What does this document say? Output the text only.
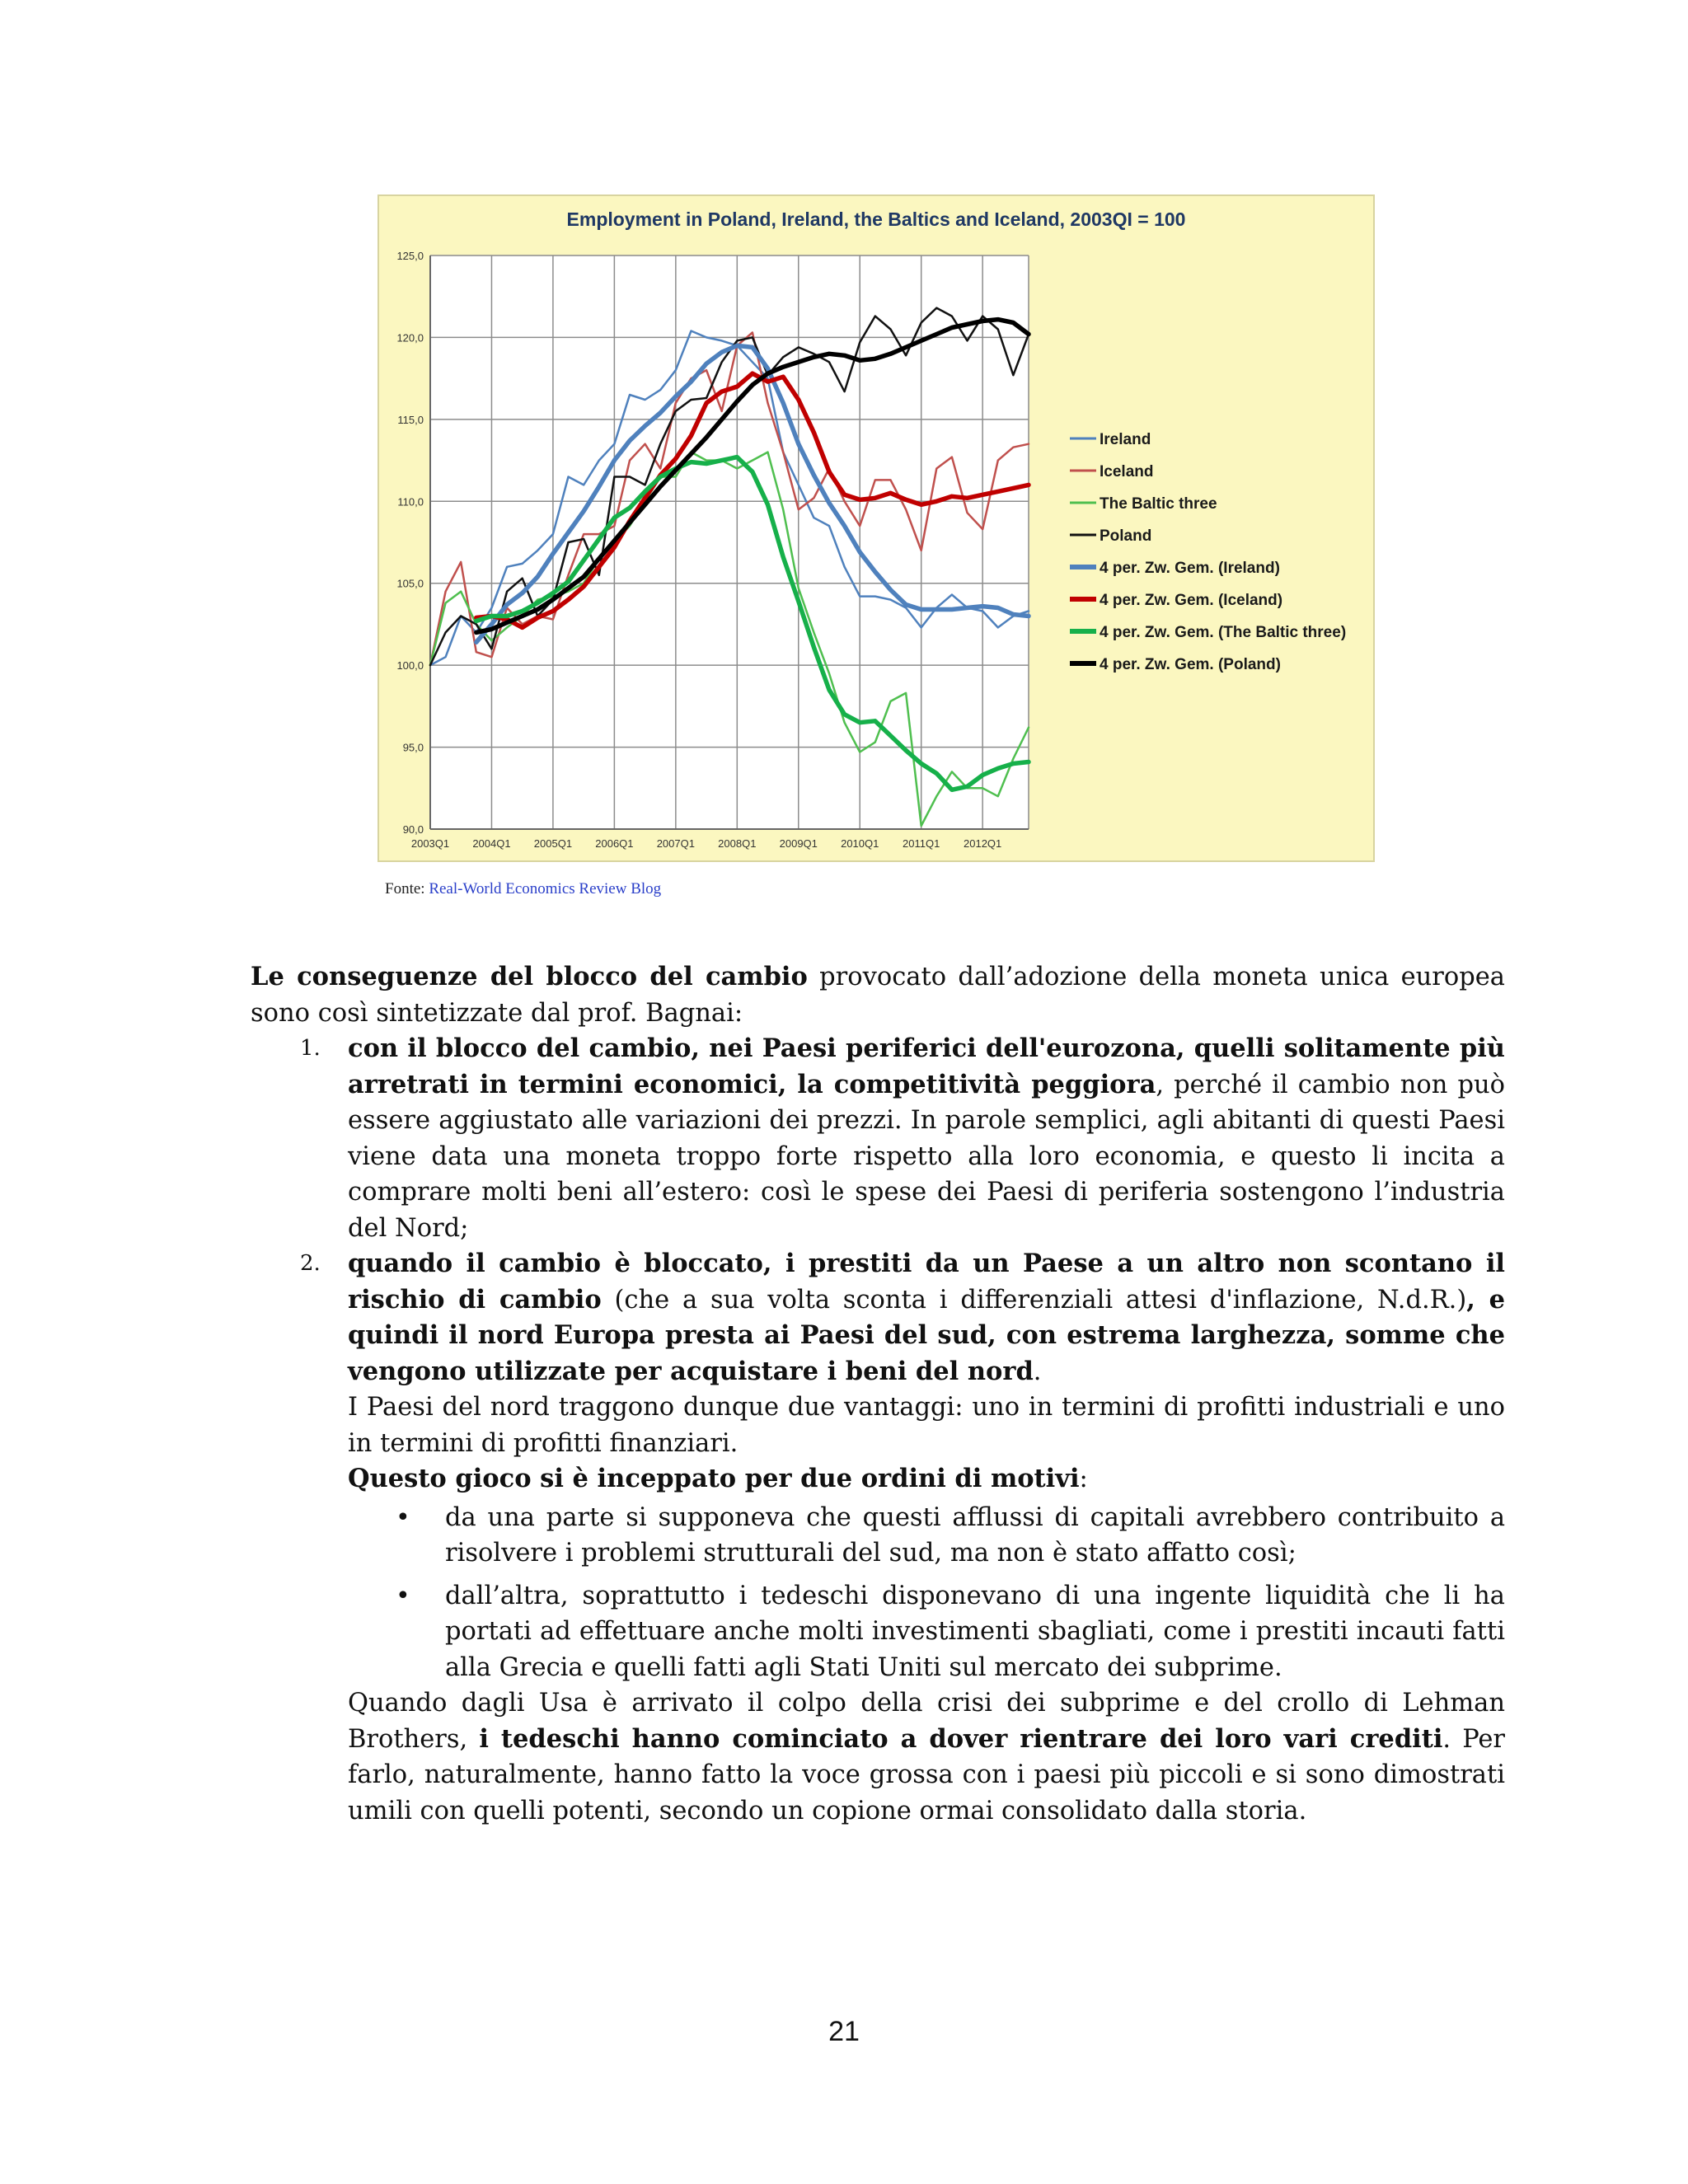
Employment in Poland, Ireland, the Baltics and Iceland, 2003QI = 100
125,0
120,0
115,0
110,0
105,0
100,0
95,0
90,0
2003Q1 2004Q1 2005Q1 2006Q1 2007Q1 2008Q1 2009Q1 2010Q1 2011Q1 2012Q1
Ireland
Iceland
The Baltic three
Poland
4 per. Zw. Gem. (Ireland)
4 per. Zw. Gem. (Iceland)
4 per. Zw. Gem. (The Baltic three)
4 per. Zw. Gem. (Poland)
Fonte: Real-World Economics Review Blog

Le conseguenze del blocco del cambio provocato dall’adozione della moneta unica europea sono così sintetizzate dal prof. Bagnai:

1. con il blocco del cambio, nei Paesi periferici dell'eurozona, quelli solitamente più arretrati in termini economici, la competitività peggiora, perché il cambio non può essere aggiustato alle variazioni dei prezzi. In parole semplici, agli abitanti di questi Paesi viene data una moneta troppo forte rispetto alla loro economia, e questo li incita a comprare molti beni all’estero: così le spese dei Paesi di periferia sostengono l’industria del Nord;

2. quando il cambio è bloccato, i prestiti da un Paese a un altro non scontano il rischio di cambio (che a sua volta sconta i differenziali attesi d'inflazione, N.d.R.), e quindi il nord Europa presta ai Paesi del sud, con estrema larghezza, somme che vengono utilizzate per acquistare i beni del nord.

I Paesi del nord traggono dunque due vantaggi: uno in termini di profitti industriali e uno in termini di profitti finanziari.

Questo gioco si è inceppato per due ordini di motivi:

• da una parte si supponeva che questi afflussi di capitali avrebbero contribuito a risolvere i problemi strutturali del sud, ma non è stato affatto così;

• dall’altra, soprattutto i tedeschi disponevano di una ingente liquidità che li ha portati ad effettuare anche molti investimenti sbagliati, come i prestiti incauti fatti alla Grecia e quelli fatti agli Stati Uniti sul mercato dei subprime.

Quando dagli Usa è arrivato il colpo della crisi dei subprime e del crollo di Lehman Brothers, i tedeschi hanno cominciato a dover rientrare dei loro vari crediti. Per farlo, naturalmente, hanno fatto la voce grossa con i paesi più piccoli e si sono dimostrati umili con quelli potenti, secondo un copione ormai consolidato dalla storia.

21
